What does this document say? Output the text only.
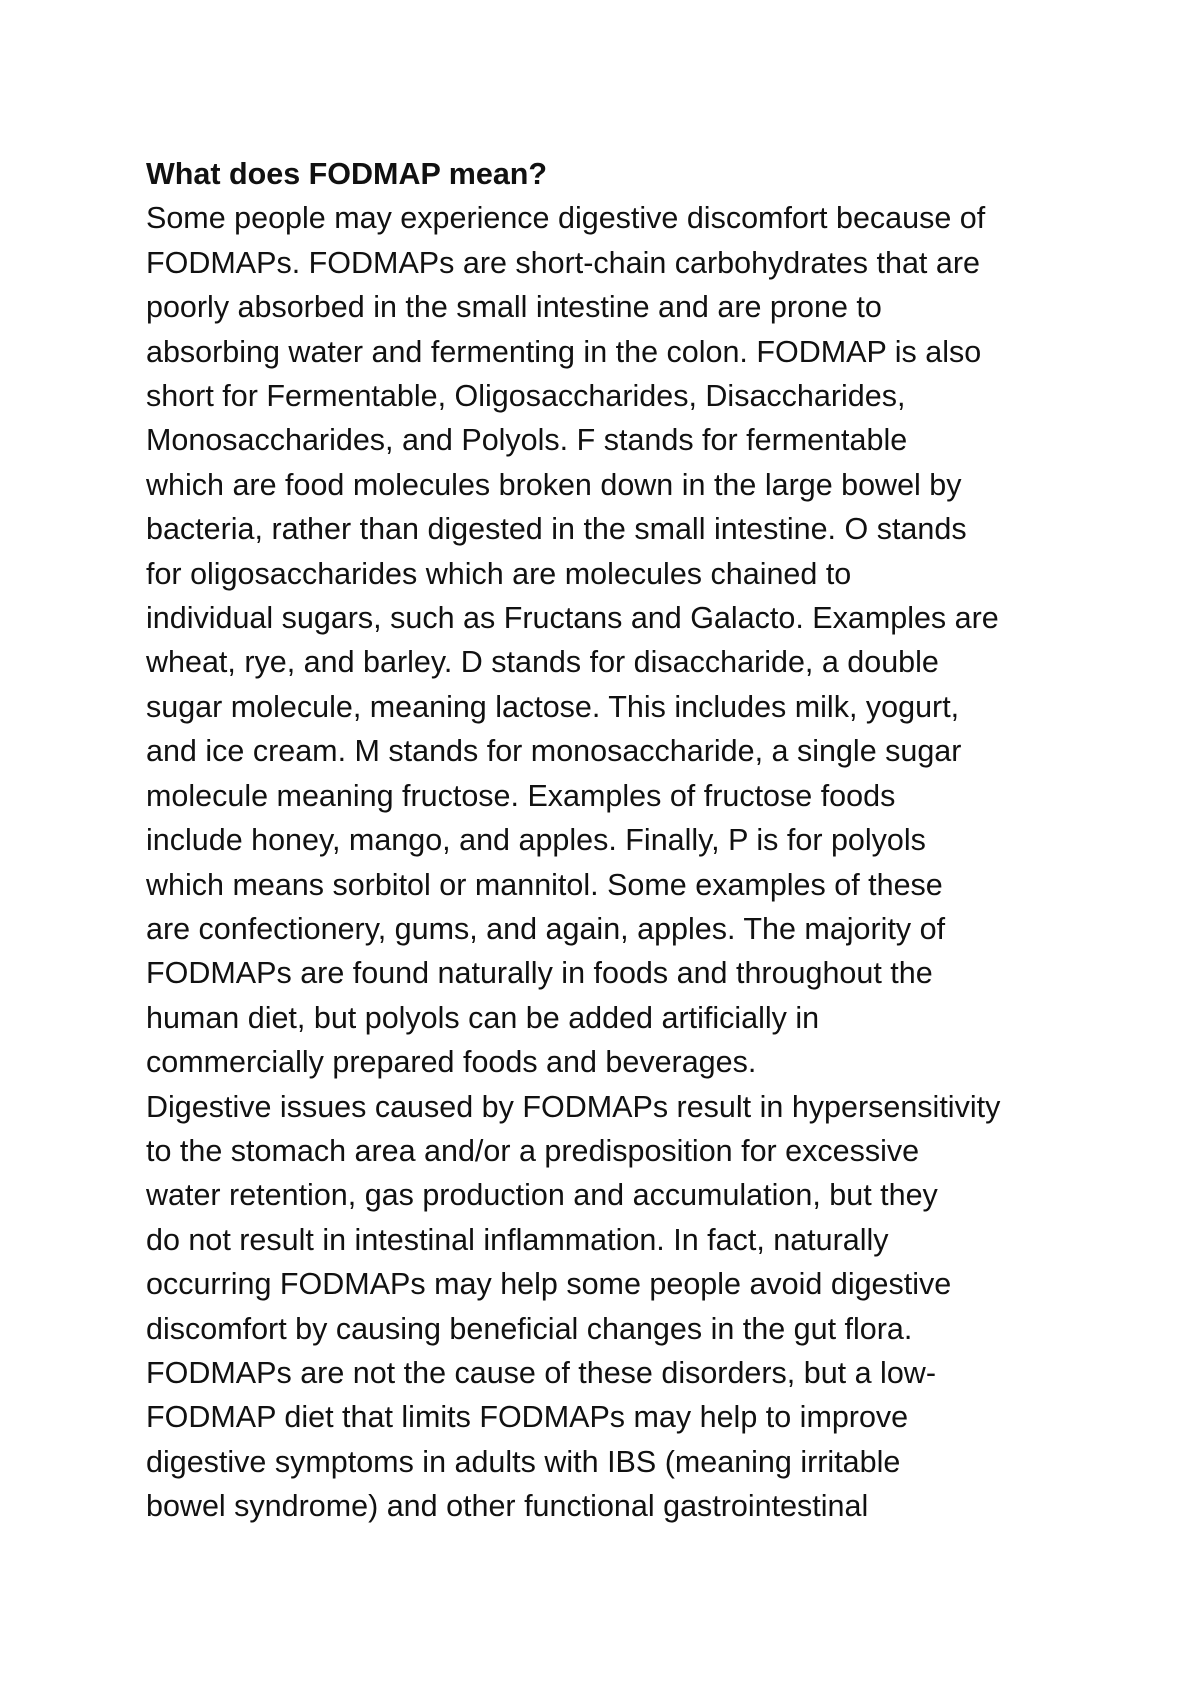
What does FODMAP mean?
Some people may experience digestive discomfort because of
FODMAPs. FODMAPs are short-chain carbohydrates that are
poorly absorbed in the small intestine and are prone to
absorbing water and fermenting in the colon. FODMAP is also
short for Fermentable, Oligosaccharides, Disaccharides,
Monosaccharides, and Polyols. F stands for fermentable
which are food molecules broken down in the large bowel by
bacteria, rather than digested in the small intestine. O stands
for oligosaccharides which are molecules chained to
individual sugars, such as Fructans and Galacto. Examples are
wheat, rye, and barley. D stands for disaccharide, a double
sugar molecule, meaning lactose. This includes milk, yogurt,
and ice cream. M stands for monosaccharide, a single sugar
molecule meaning fructose. Examples of fructose foods
include honey, mango, and apples. Finally, P is for polyols
which means sorbitol or mannitol. Some examples of these
are confectionery, gums, and again, apples. The majority of
FODMAPs are found naturally in foods and throughout the
human diet, but polyols can be added artificially in
commercially prepared foods and beverages.
Digestive issues caused by FODMAPs result in hypersensitivity
to the stomach area and/or a predisposition for excessive
water retention, gas production and accumulation, but they
do not result in intestinal inflammation. In fact, naturally
occurring FODMAPs may help some people avoid digestive
discomfort by causing beneficial changes in the gut flora.
FODMAPs are not the cause of these disorders, but a low-
FODMAP diet that limits FODMAPs may help to improve
digestive symptoms in adults with IBS (meaning irritable
bowel syndrome) and other functional gastrointestinal
